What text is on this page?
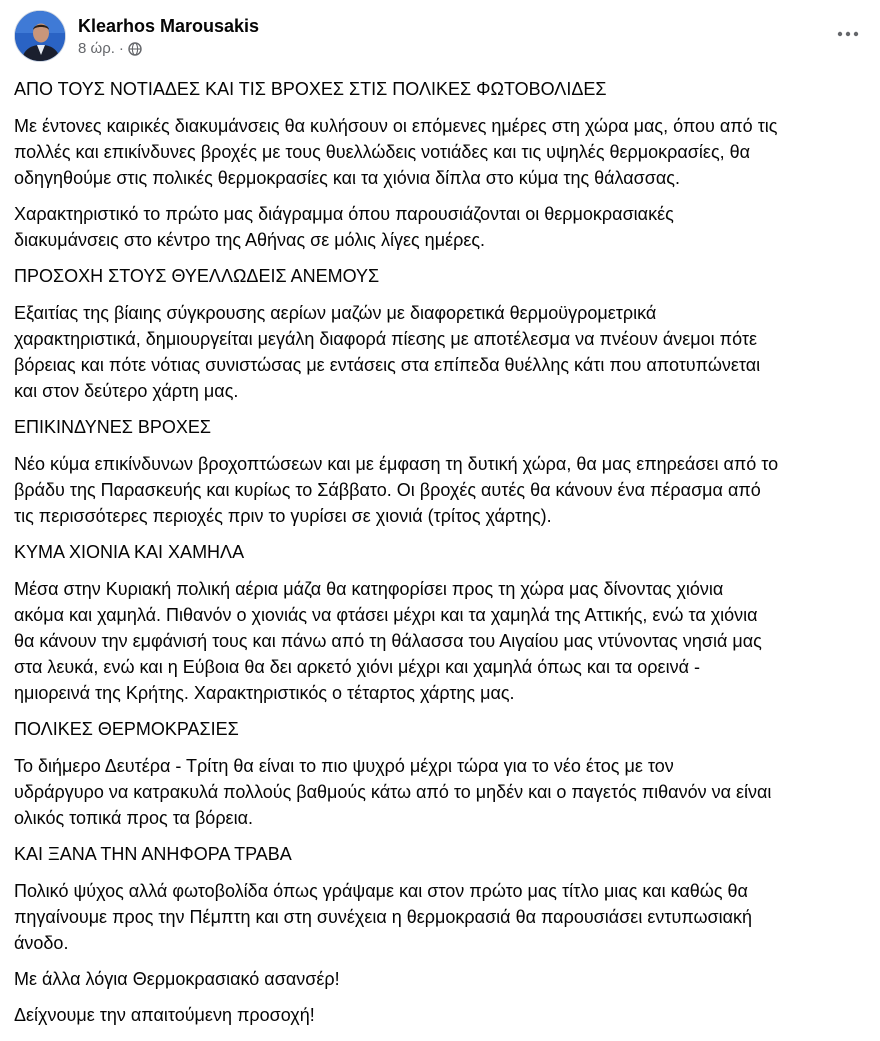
Klearhos Marousakis
8 ώρ. ·
ΑΠΟ ΤΟΥΣ ΝΟΤΙΑΔΕΣ ΚΑΙ ΤΙΣ ΒΡΟΧΕΣ ΣΤΙΣ ΠΟΛΙΚΕΣ ΦΩΤΟΒΟΛΙΔΕΣ
Με έντονες καιρικές διακυμάνσεις θα κυλήσουν οι επόμενες ημέρες στη χώρα μας, όπου από τις
πολλές και επικίνδυνες βροχές με τους θυελλώδεις νοτιάδες και τις υψηλές θερμοκρασίες, θα
οδηγηθούμε στις πολικές θερμοκρασίες και τα χιόνια δίπλα στο κύμα της θάλασσας.
Χαρακτηριστικό το πρώτο μας διάγραμμα όπου παρουσιάζονται οι θερμοκρασιακές
διακυμάνσεις στο κέντρο της Αθήνας σε μόλις λίγες ημέρες.
ΠΡΟΣΟΧΗ ΣΤΟΥΣ ΘΥΕΛΛΩΔΕΙΣ ΑΝΕΜΟΥΣ
Εξαιτίας της βίαιης σύγκρουσης αερίων μαζών με διαφορετικά θερμοϋγρομετρικά
χαρακτηριστικά, δημιουργείται μεγάλη διαφορά πίεσης με αποτέλεσμα να πνέουν άνεμοι πότε
βόρειας και πότε νότιας συνιστώσας με εντάσεις στα επίπεδα θυέλλης κάτι που αποτυπώνεται
και στον δεύτερο χάρτη μας.
ΕΠΙΚΙΝΔΥΝΕΣ ΒΡΟΧΕΣ
Νέο κύμα επικίνδυνων βροχοπτώσεων και με έμφαση τη δυτική χώρα, θα μας επηρεάσει από το
βράδυ της Παρασκευής και κυρίως το Σάββατο. Οι βροχές αυτές θα κάνουν ένα πέρασμα από
τις περισσότερες περιοχές πριν το γυρίσει σε χιονιά (τρίτος χάρτης).
ΚΥΜΑ ΧΙΟΝΙΑ ΚΑΙ ΧΑΜΗΛΑ
Μέσα στην Κυριακή πολική αέρια μάζα θα κατηφορίσει προς τη χώρα μας δίνοντας χιόνια
ακόμα και χαμηλά. Πιθανόν ο χιονιάς να φτάσει μέχρι και τα χαμηλά της Αττικής, ενώ τα χιόνια
θα κάνουν την εμφάνισή τους και πάνω από τη θάλασσα του Αιγαίου μας ντύνοντας νησιά μας
στα λευκά, ενώ και η Εύβοια θα δει αρκετό χιόνι μέχρι και χαμηλά όπως και τα ορεινά -
ημιορεινά της Κρήτης. Χαρακτηριστικός ο τέταρτος χάρτης μας.
ΠΟΛΙΚΕΣ ΘΕΡΜΟΚΡΑΣΙΕΣ
Το διήμερο Δευτέρα - Τρίτη θα είναι το πιο ψυχρό μέχρι τώρα για το νέο έτος με τον
υδράργυρο να κατρακυλά πολλούς βαθμούς κάτω από το μηδέν και ο παγετός πιθανόν να είναι
ολικός τοπικά προς τα βόρεια.
ΚΑΙ ΞΑΝΑ ΤΗΝ ΑΝΗΦΟΡΑ ΤΡΑΒΑ
Πολικό ψύχος αλλά φωτοβολίδα όπως γράψαμε και στον πρώτο μας τίτλο μιας και καθώς θα
πηγαίνουμε προς την Πέμπτη και στη συνέχεια η θερμοκρασιά θα παρουσιάσει εντυπωσιακή
άνοδο.
Με άλλα λόγια Θερμοκρασιακό ασανσέρ!
Δείχνουμε την απαιτούμενη προσοχή!
